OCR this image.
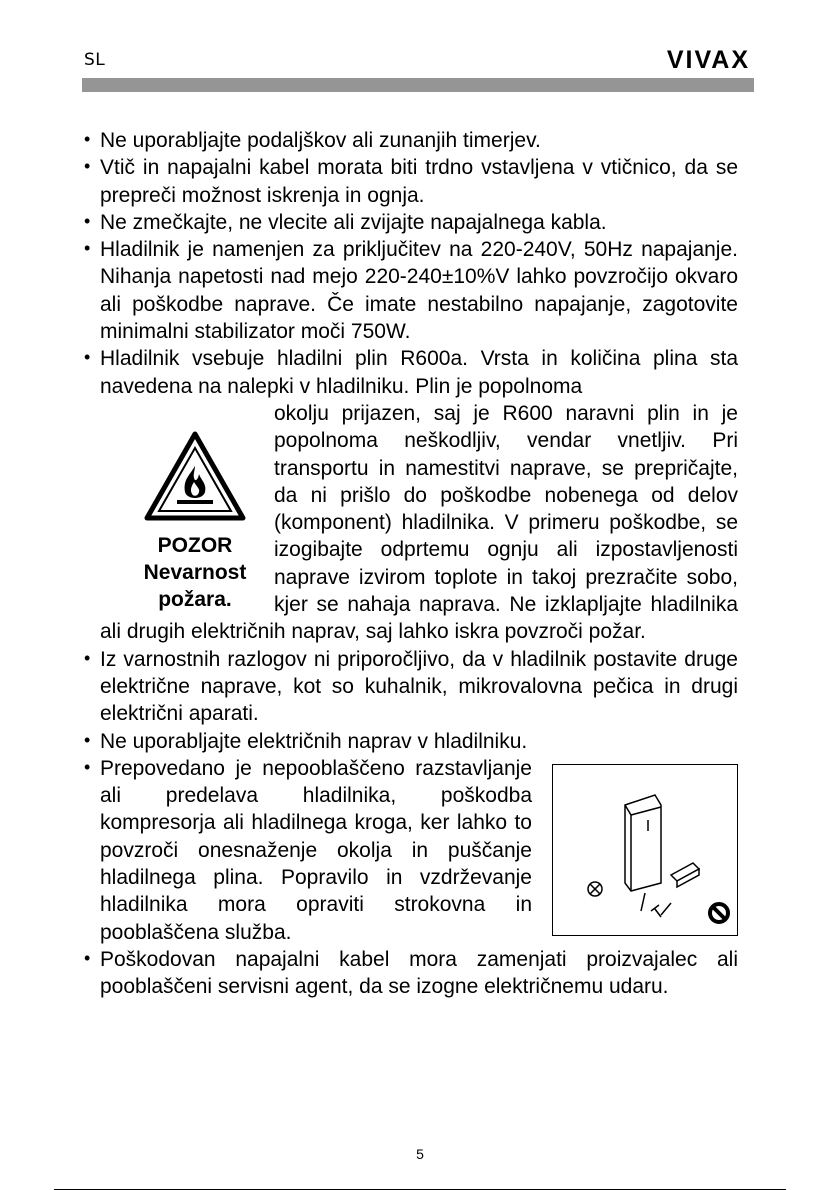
SL	VIVAX
• Ne uporabljajte podaljškov ali zunanjih timerjev.

• Vtič in napajalni kabel morata biti trdno vstavljena v vtičnico, da se prepreči možnost iskrenja in ognja.

• Ne zmečkajte, ne vlecite ali zvijajte napajalnega kabla.

• Hladilnik je namenjen za priključitev na 220-240V, 50Hz napajanje. Nihanja napetosti nad mejo 220-240±10%V lahko povzročijo okvaro ali poškodbe naprave. Če imate nestabilno napajanje, zagotovite minimalni stabilizator moči 750W.

• Hladilnik vsebuje hladilni plin R600a. Vrsta in količina plina sta navedena na nalepki v hladilniku. Plin je popolnoma

POZOR
Nevarnost
požara.

okolju prijazen, saj je R600 naravni plin in je popolnoma neškodljiv, vendar vnetljiv. Pri transportu in namestitvi naprave, se prepričajte, da ni prišlo do poškodbe nobenega od delov (komponent) hladilnika. V primeru poškodbe, se izogibajte odprtemu ognju ali izpostavljenosti naprave izvirom toplote in takoj prezračite sobo, kjer se nahaja naprava. Ne izklapljajte hladilnika ali drugih električnih naprav, saj lahko iskra povzroči požar.

• Iz varnostnih razlogov ni priporočljivo, da v hladilnik postavite druge električne naprave, kot so kuhalnik, mikrovalovna pečica in drugi električni aparati.

• Ne uporabljajte električnih naprav v hladilniku.

• Prepovedano je nepooblaščeno razstavljanje ali predelava hladilnika, poškodba kompresorja ali hladilnega kroga, ker lahko to povzroči onesnaženje okolja in puščanje hladilnega plina. Popravilo in vzdrževanje hladilnika mora opraviti strokovna in pooblaščena služba.

• Poškodovan napajalni kabel mora zamenjati proizvajalec ali pooblaščeni servisni agent, da se izogne električnemu udaru.

5
